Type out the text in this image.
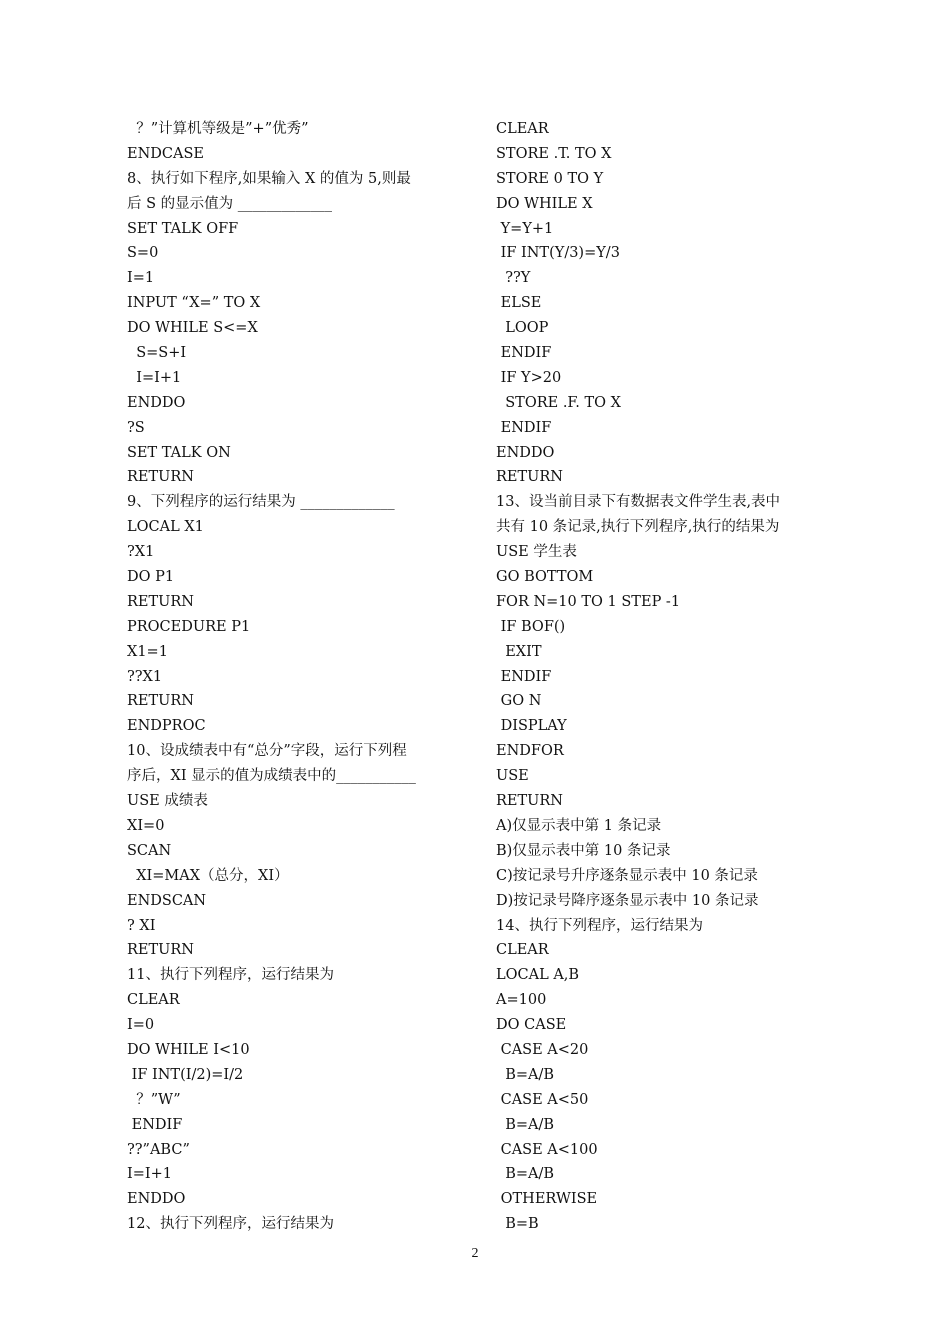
？”计算机等级是”+”优秀”
ENDCASE
8、执行如下程序,如果输入 X 的值为 5,则最
后 S 的显示值为 _____________
SET TALK OFF
S=0
I=1
INPUT “X=” TO X
DO WHILE S<=X
S=S+I
I=I+1
ENDDO
?S
SET TALK ON
RETURN
9、下列程序的运行结果为 _____________
LOCAL X1
?X1
DO P1
RETURN
PROCEDURE P1
X1=1
??X1
RETURN
ENDPROC
10、设成绩表中有“总分”字段，运行下列程
序后，XI 显示的值为成绩表中的___________
USE 成绩表
XI=0
SCAN
XI=MAX（总分，XI）
ENDSCAN
? XI
RETURN
11、执行下列程序，运行结果为
CLEAR
I=0
DO WHILE I<10
IF INT(I/2)=I/2
？”W”
ENDIF
??”ABC”
I=I+1
ENDDO
12、执行下列程序，运行结果为
CLEAR
STORE .T. TO X
STORE 0 TO Y
DO WHILE X
Y=Y+1
IF INT(Y/3)=Y/3
??Y
ELSE
LOOP
ENDIF
IF Y>20
STORE .F. TO X
ENDIF
ENDDO
RETURN
13、设当前目录下有数据表文件学生表,表中
共有 10 条记录,执行下列程序,执行的结果为
USE 学生表
GO BOTTOM
FOR N=10 TO 1 STEP -1
IF BOF()
EXIT
ENDIF
GO N
DISPLAY
ENDFOR
USE
RETURN
A)仅显示表中第 1 条记录
B)仅显示表中第 10 条记录
C)按记录号升序逐条显示表中 10 条记录
D)按记录号降序逐条显示表中 10 条记录
14、执行下列程序，运行结果为
CLEAR
LOCAL A,B
A=100
DO CASE
CASE A<20
B=A/B
CASE A<50
B=A/B
CASE A<100
B=A/B
OTHERWISE
B=B
2
